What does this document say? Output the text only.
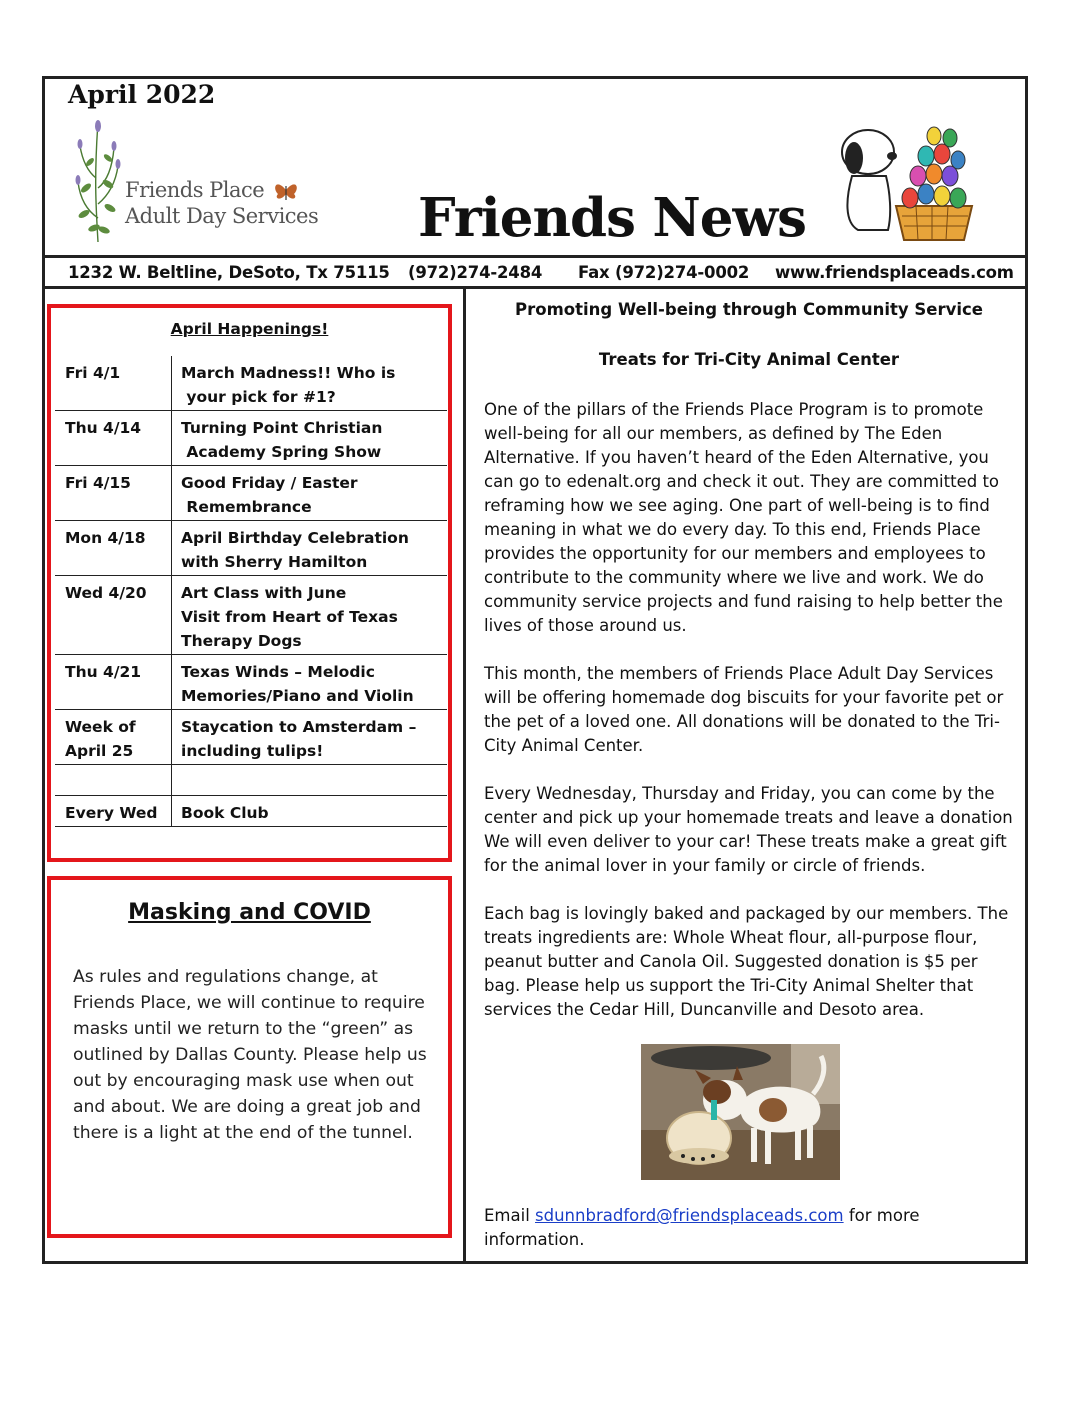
April 2022
Friends Place
Adult Day Services Friends News
1232 W. Beltline, DeSoto, Tx 75115 (972)274-2484 Fax (972)274-0002 www.friendsplaceads.com
April Happenings!
Fri 4/1	March Madness!! Who is
your pick for #1?
Thu 4/14	Turning Point Christian
Academy Spring Show
Fri 4/15	Good Friday / Easter
Remembrance
Mon 4/18	April Birthday Celebration
with Sherry Hamilton
Wed 4/20	Art Class with June
Visit from Heart of Texas
Therapy Dogs
Thu 4/21	Texas Winds – Melodic
Memories/Piano and Violin
Week of
April 25	Staycation to Amsterdam –
including tulips!

Every Wed	Book Club
Masking and COVID
As rules and regulations change, at Friends Place, we will continue to require masks until we return to the “green” as outlined by Dallas County. Please help us out by encouraging mask use when out and about. We are doing a great job and there is a light at the end of the tunnel.

Promoting Well-being through Community Service

Treats for Tri-City Animal Center

One of the pillars of the Friends Place Program is to promote well-being for all our members, as defined by The Eden Alternative. If you haven’t heard of the Eden Alternative, you can go to edenalt.org and check it out. They are committed to reframing how we see aging. One part of well-being is to find meaning in what we do every day. To this end, Friends Place provides the opportunity for our members and employees to contribute to the community where we live and work. We do community service projects and fund raising to help better the lives of those around us.

This month, the members of Friends Place Adult Day Services will be offering homemade dog biscuits for your favorite pet or the pet of a loved one. All donations will be donated to the Tri- City Animal Center.

Every Wednesday, Thursday and Friday, you can come by the center and pick up your homemade treats and leave a donation We will even deliver to your car! These treats make a great gift for the animal lover in your family or circle of friends.

Each bag is lovingly baked and packaged by our members. The treats ingredients are: Whole Wheat flour, all-purpose flour, peanut butter and Canola Oil. Suggested donation is $5 per bag. Please help us support the Tri-City Animal Shelter that services the Cedar Hill, Duncanville and Desoto area.

Email sdunnbradford@friendsplaceads.com for more information.
